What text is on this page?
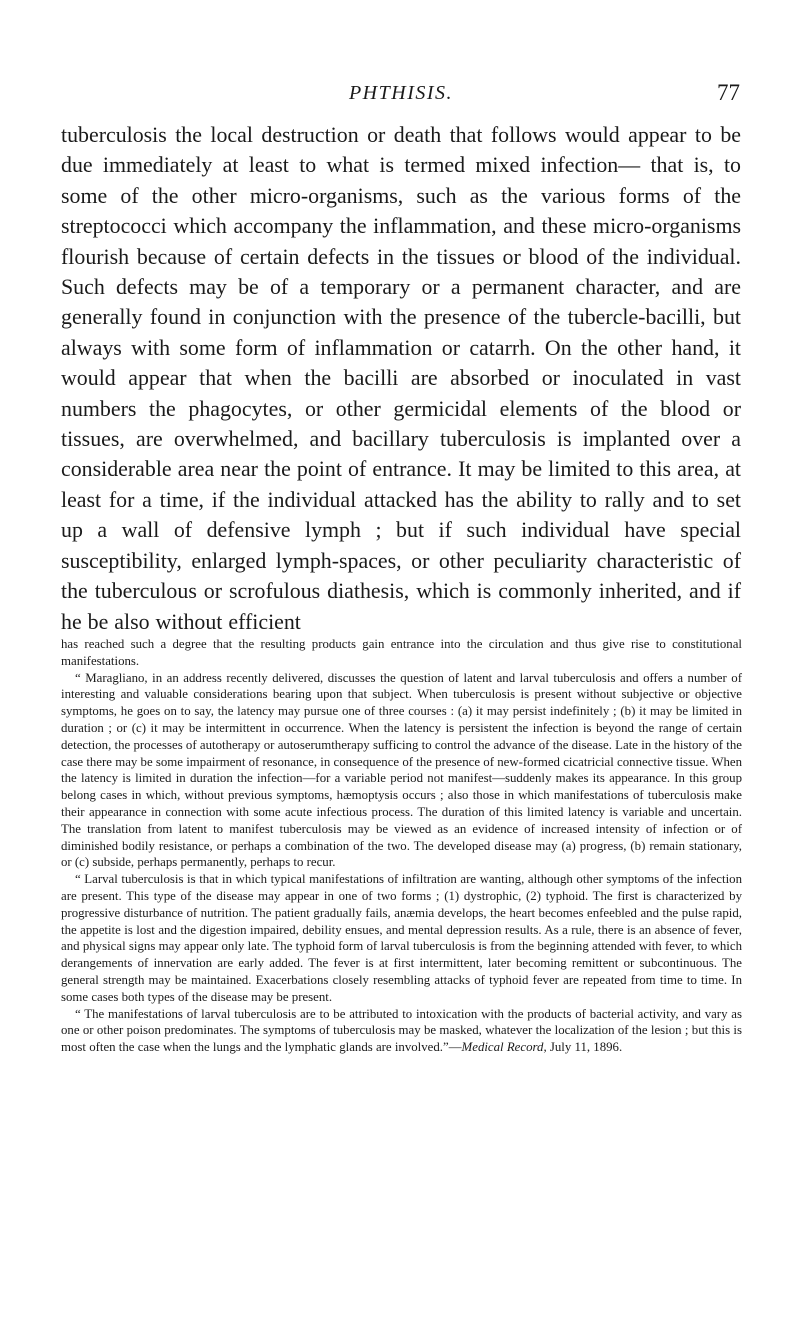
PHTHISIS.	77

tuberculosis the local destruction or death that follows would appear to be due immediately at least to what is termed mixed infection— that is, to some of the other micro-organisms, such as the various forms of the streptococci which accompany the inflammation, and these micro-organisms flourish because of certain defects in the tissues or blood of the individual. Such defects may be of a temporary or a permanent character, and are generally found in conjunction with the presence of the tubercle-bacilli, but always with some form of inflammation or catarrh. On the other hand, it would appear that when the bacilli are absorbed or inoculated in vast numbers the phagocytes, or other germicidal elements of the blood or tissues, are overwhelmed, and bacillary tuberculosis is implanted over a considerable area near the point of entrance. It may be limited to this area, at least for a time, if the individual attacked has the ability to rally and to set up a wall of defensive lymph ; but if such individual have special susceptibility, enlarged lymph-spaces, or other peculiarity characteristic of the tuberculous or scrofulous diathesis, which is commonly inherited, and if he be also without efficient

has reached such a degree that the resulting products gain entrance into the circulation and thus give rise to constitutional manifestations.

“ Maragliano, in an address recently delivered, discusses the question of latent and larval tuberculosis and offers a number of interesting and valuable considerations bearing upon that subject. When tuberculosis is present without subjective or objective symptoms, he goes on to say, the latency may pursue one of three courses : (a) it may persist indefinitely ; (b) it may be limited in duration ; or (c) it may be intermittent in occurrence. When the latency is persistent the infection is beyond the range of certain detection, the processes of autotherapy or autoserumtherapy sufficing to control the advance of the disease. Late in the history of the case there may be some impairment of resonance, in consequence of the presence of new-formed cicatricial connective tissue. When the latency is limited in duration the infection—for a variable period not manifest—suddenly makes its appearance. In this group belong cases in which, without previous symptoms, hæmoptysis occurs ; also those in which manifestations of tuberculosis make their appearance in connection with some acute infectious process. The duration of this limited latency is variable and uncertain. The translation from latent to manifest tuberculosis may be viewed as an evidence of increased intensity of infection or of diminished bodily resistance, or perhaps a combination of the two. The developed disease may (a) progress, (b) remain stationary, or (c) subside, perhaps permanently, perhaps to recur.

“ Larval tuberculosis is that in which typical manifestations of infiltration are wanting, although other symptoms of the infection are present. This type of the disease may appear in one of two forms ; (1) dystrophic, (2) typhoid. The first is characterized by progressive disturbance of nutrition. The patient gradually fails, anæmia develops, the heart becomes enfeebled and the pulse rapid, the appetite is lost and the digestion impaired, debility ensues, and mental depression results. As a rule, there is an absence of fever, and physical signs may appear only late. The typhoid form of larval tuberculosis is from the beginning attended with fever, to which derangements of innervation are early added. The fever is at first intermittent, later becoming remittent or subcontinuous. The general strength may be maintained. Exacerbations closely resembling attacks of typhoid fever are repeated from time to time. In some cases both types of the disease may be present.

“ The manifestations of larval tuberculosis are to be attributed to intoxication with the products of bacterial activity, and vary as one or other poison predominates. The symptoms of tuberculosis may be masked, whatever the localization of the lesion ; but this is most often the case when the lungs and the lymphatic glands are involved.”—Medical Record, July 11, 1896.
